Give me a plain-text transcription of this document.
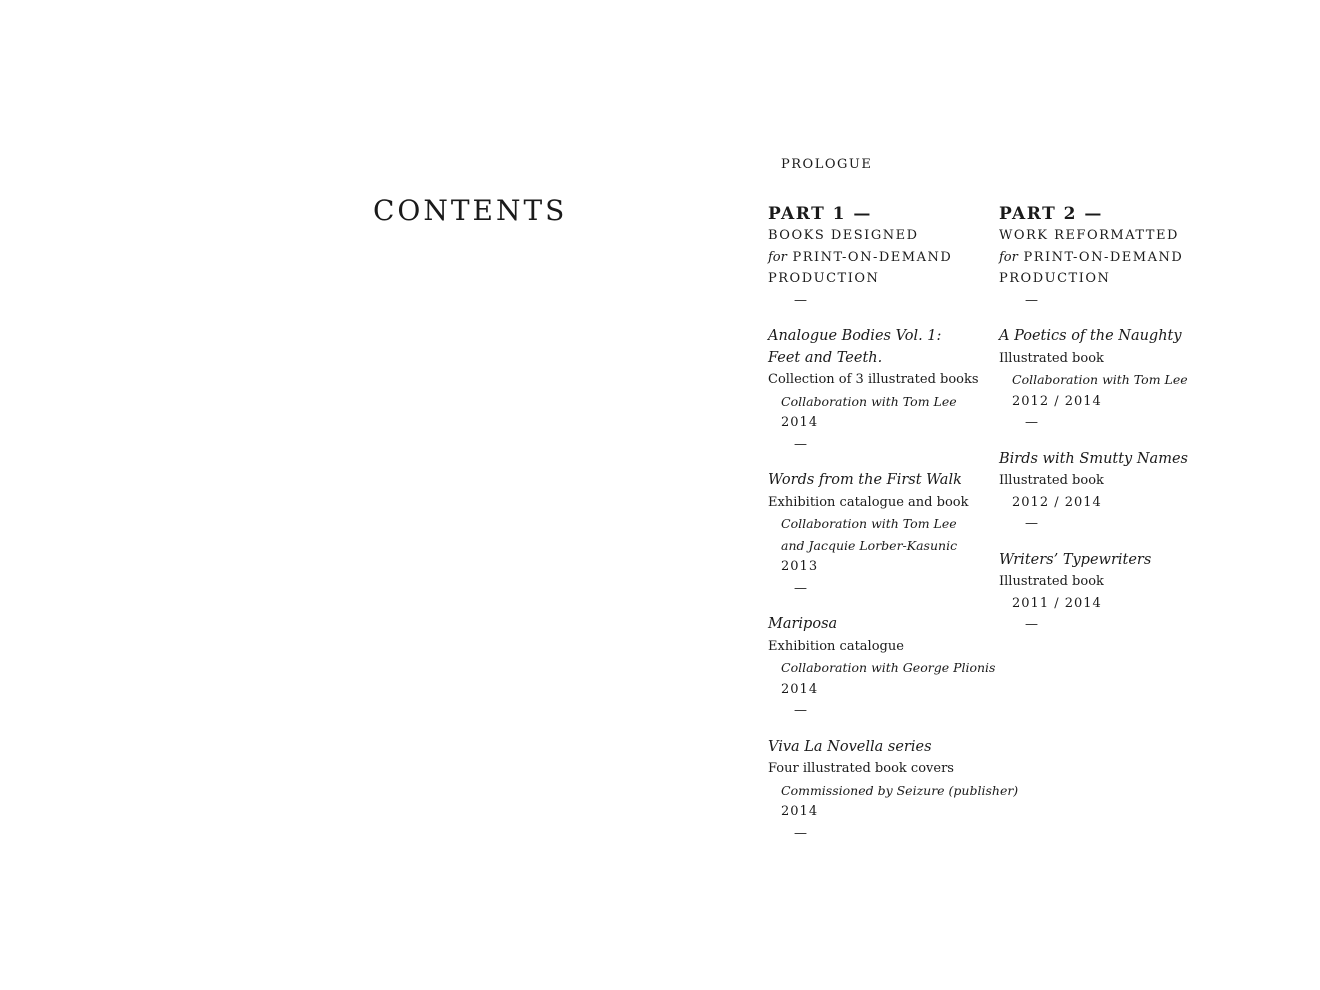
CONTENTS
PROLOGUE
PART 1 —
BOOKS DESIGNED
for PRINT-ON-DEMAND
PRODUCTION
—
Analogue Bodies Vol. 1:
Feet and Teeth.
Collection of 3 illustrated books
Collaboration with Tom Lee
2014
—
Words from the First Walk
Exhibition catalogue and book
Collaboration with Tom Lee
and Jacquie Lorber-Kasunic
2013
—
Mariposa
Exhibition catalogue
Collaboration with George Plionis
2014
—
Viva La Novella series
Four illustrated book covers
Commissioned by Seizure (publisher)
2014
—
PART 2 —
WORK REFORMATTED
for PRINT-ON-DEMAND
PRODUCTION
—
A Poetics of the Naughty
Illustrated book
Collaboration with Tom Lee
2012 / 2014
—
Birds with Smutty Names
Illustrated book
2012 / 2014
—
Writers’ Typewriters
Illustrated book
2011 / 2014
—
